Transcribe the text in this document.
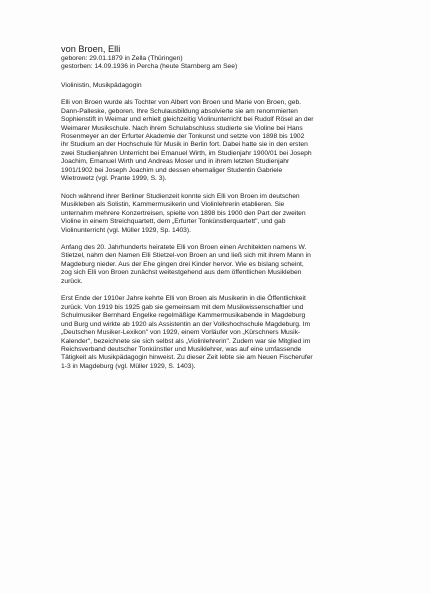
von Broen, Elli

geboren: 29.01.1879 in Zella (Thüringen)

gestorben: 14.09.1936 in Percha (heute Starnberg am See)

Violinistin, Musikpädagogin

Elli von Broen wurde als Tochter von Albert von Broen und Marie von Broen, geb.
Dann-Palleske, geboren. Ihre Schulausbildung absolvierte sie am renommierten
Sophienstift in Weimar und erhielt gleichzeitig Violinunterricht bei Rudolf Rösel an der
Weimarer Musikschule. Nach ihrem Schulabschluss studierte sie Violine bei Hans
Rosenmeyer an der Erfurter Akademie der Tonkunst und setzte von 1898 bis 1902
ihr Studium an der Hochschule für Musik in Berlin fort. Dabei hatte sie in den ersten
zwei Studienjahren Unterricht bei Emanuel Wirth, im Studienjahr 1900/01 bei Joseph
Joachim, Emanuel Wirth und Andreas Moser und in ihrem letzten Studienjahr
1901/1902 bei Joseph Joachim und dessen ehemaliger Studentin Gabriele
Wietrowetz (vgl. Prante 1999, S. 3).

Noch während ihrer Berliner Studienzeit konnte sich Elli von Broen im deutschen
Musikleben als Solistin, Kammermusikerin und Violinlehrerin etablieren. Sie
unternahm mehrere Konzertreisen, spielte von 1898 bis 1900 den Part der zweiten
Violine in einem Streichquartett, dem „Erfurter Tonkünstlerquartett", und gab
Violinunterricht (vgl. Müller 1929, Sp. 1403).

Anfang des 20. Jahrhunderts heiratete Elli von Broen einen Architekten namens W.
Stietzel, nahm den Namen Elli Stietzel-von Broen an und ließ sich mit ihrem Mann in
Magdeburg nieder. Aus der Ehe gingen drei Kinder hervor. Wie es bislang scheint,
zog sich Elli von Broen zunächst weitestgehend aus dem öffentlichen Musikleben
zurück.

Erst Ende der 1910er Jahre kehrte Elli von Broen als Musikerin in die Öffentlichkeit
zurück. Von 1919 bis 1925 gab sie gemeinsam mit dem Musikwissenschaftler und
Schulmusiker Bernhard Engelke regelmäßige Kammermusikabende in Magdeburg
und Burg und wirkte ab 1920 als Assistentin an der Volkshochschule Magdeburg. Im
„Deutschen Musiker-Lexikon" von 1929, einem Vorläufer von „Kürschners Musik-
Kalender", bezeichnete sie sich selbst als „Violinlehrerin". Zudem war sie Mitglied im
Reichsverband deutscher Tonkünstler und Musiklehrer, was auf eine umfassende
Tätigkeit als Musikpädagogin hinweist. Zu dieser Zeit lebte sie am Neuen Fischerufer
1-3 in Magdeburg (vgl. Müller 1929, S. 1403).
